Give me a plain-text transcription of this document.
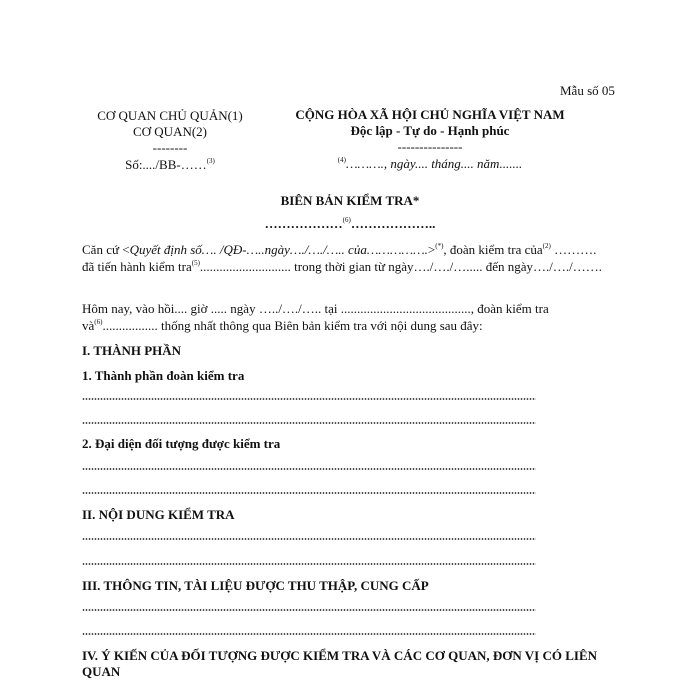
Mẫu số 05
CƠ QUAN CHỦ QUẢN(1)
CƠ QUAN(2)
--------
Số:..../BB-……$^{(3)}$
CỘNG HÒA XÃ HỘI CHỦ NGHĨA VIỆT NAM
Độc lập - Tự do - Hạnh phúc
---------------
$^{(4)}$………., ngày.... tháng.... năm.......
BIÊN BẢN KIỂM TRA*
………………$^{(6)}$………………..
Căn cứ <Quyết định số…. /QĐ-…..ngày…./…./….. của…………….>(*), đoàn kiểm tra của$^{(2)}$ ………. đã tiến hành kiểm tra$^{(5)}$............................ trong thời gian từ ngày…./…./…..... đến ngày…./…./…….
Hôm nay, vào hồi.... giờ ..... ngày …../…./….. tại ........................................, đoàn kiểm tra $và^{(6)}$................. thống nhất thông qua Biên bản kiểm tra với nội dung sau đây:
I. THÀNH PHẦN
1. Thành phần đoàn kiểm tra
2. Đại diện đối tượng được kiểm tra
II. NỘI DUNG KIỂM TRA
III. THÔNG TIN, TÀI LIỆU ĐƯỢC THU THẬP, CUNG CẤP
IV. Ý KIẾN CỦA ĐỐI TƯỢNG ĐƯỢC KIỂM TRA VÀ CÁC CƠ QUAN, ĐƠN VỊ CÓ LIÊN QUAN
